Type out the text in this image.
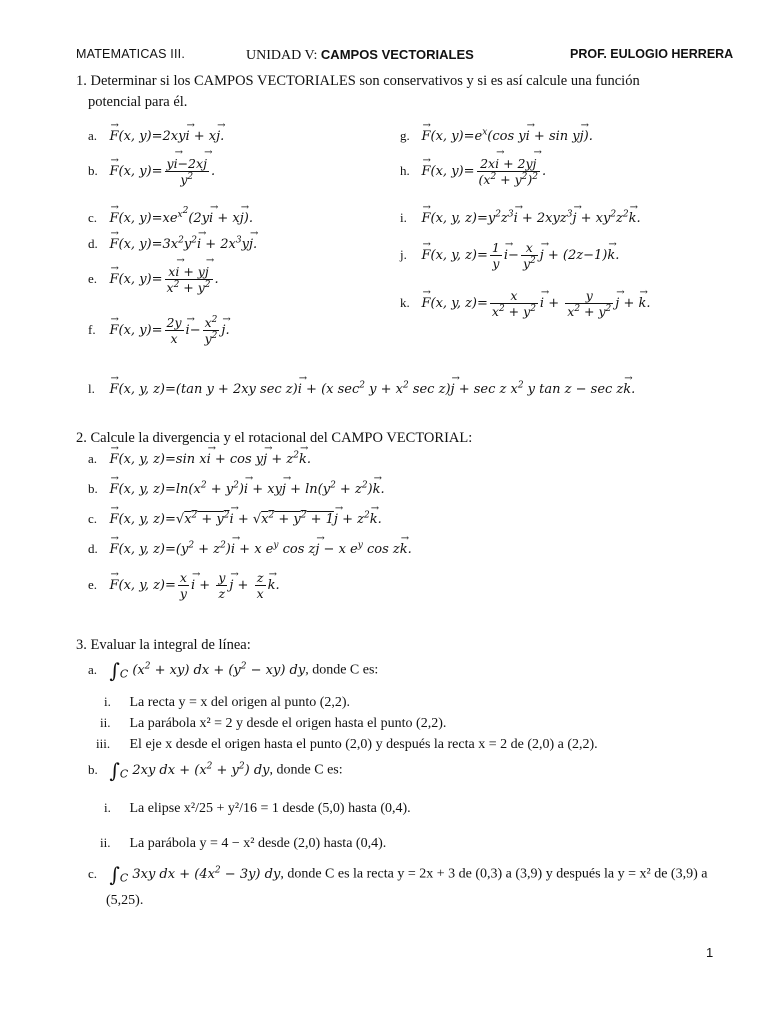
MATEMATICAS III.	UNIDAD V: CAMPOS VECTORIALES	PROF. EULOGIO HERRERA
1. Determinar si los CAMPOS VECTORIALES son conservativos y si es así calcule una función
potencial para él.
a. → F(x, y)=2xy→ i + x→ j.
b. → F(x, $y)= \frac{y\to i-2x\to j}{y^2}$ .
c. → F(x, $y)=xe^{x^2}(2y\to i + x\to j)$.
d. → F(x, $y)=3x^2y^2\to i + 2x^3y\to j$.
e. → F(x, $y)= \frac{x\to i + y\to j}{x^2 + y^2}$ .
f. → F(x, $y)= \frac{2y}{x} \to i- \frac{x^2}{y^2} \to j$.
g. → F(x, $y)=e^x(\cos$ y→ i + sin y→ j).
h. → F(x, $y)= \frac{2x\to i + 2y\to j}{(x^2 + y^2)^2}$ .
i. → F(x, y, $z)=y^2z^3\to i + 2xyz^3\to j + xy^2z^2\to k$.
j. → F(x, y, $z)= \frac{1}{y} \to i- \frac{x}{y^2} \to j + (2z-1)\to k$.
k. → F(x, y, $z)= \frac{x}{x^2 + y^2} \to i + \frac{y}{x^2 + y^2} \to j$ + → k.
l. → F(x, y, z)=(tan y + 2xy sec z)→ i + (x $\sec^2 y + x^2$ sec z)→ j + sec z $x^2$ y tan z − sec z→ k.
2. Calcule la divergencia y el rotacional del CAMPO VECTORIAL:
a. → F(x, y, z)=sin $x\to i + \cos y\to j + z^2\to k$.
b. → F(x, y, $z)=\ln(x^2 + y^2)\to i + xy\to j + \ln(y^2 + z^2)\to k$.
c. → F(x, y, $z)=√x^2 + y^2\to i + √x^2 + y^2 + 1\to j + z^2\to k$.
d. → F(x, y, $z)=(y^2 + z^2)\to i + x$ $e^y$ cos z→ j − x $e^y$ cos z→ k.
e. → F(x, y, $z)= \frac{x}{y} \to i + \frac{y}{z} \to j + \frac{z}{x} \to k$.
3. Evaluar la integral de línea:
a. $\int_C$ $(x^2 + xy)$ dx + $(y^2 - xy)$ dy, donde C es:
i. La recta y = x del origen al punto (2,2).
ii. La parábola x² = 2 y desde el origen hasta el punto (2,2).
iii. El eje x desde el origen hasta el punto (2,0) y después la recta x = 2 de (2,0) a (2,2).
b. $\int_C$ 2xy dx + $(x^2 + y^2)$ dy, donde C es:
i. La elipse x²/25 + y²/16 = 1 desde (5,0) hasta (0,4).
ii. La parábola y = 4 − x² desde (2,0) hasta (0,4).
c. $\int_C$ 3xy dx + $(4x^2 - 3y)$ dy, donde C es la recta y = 2x + 3 de (0,3) a (3,9) y después la y = x² de (3,9) a
(5,25).
1
